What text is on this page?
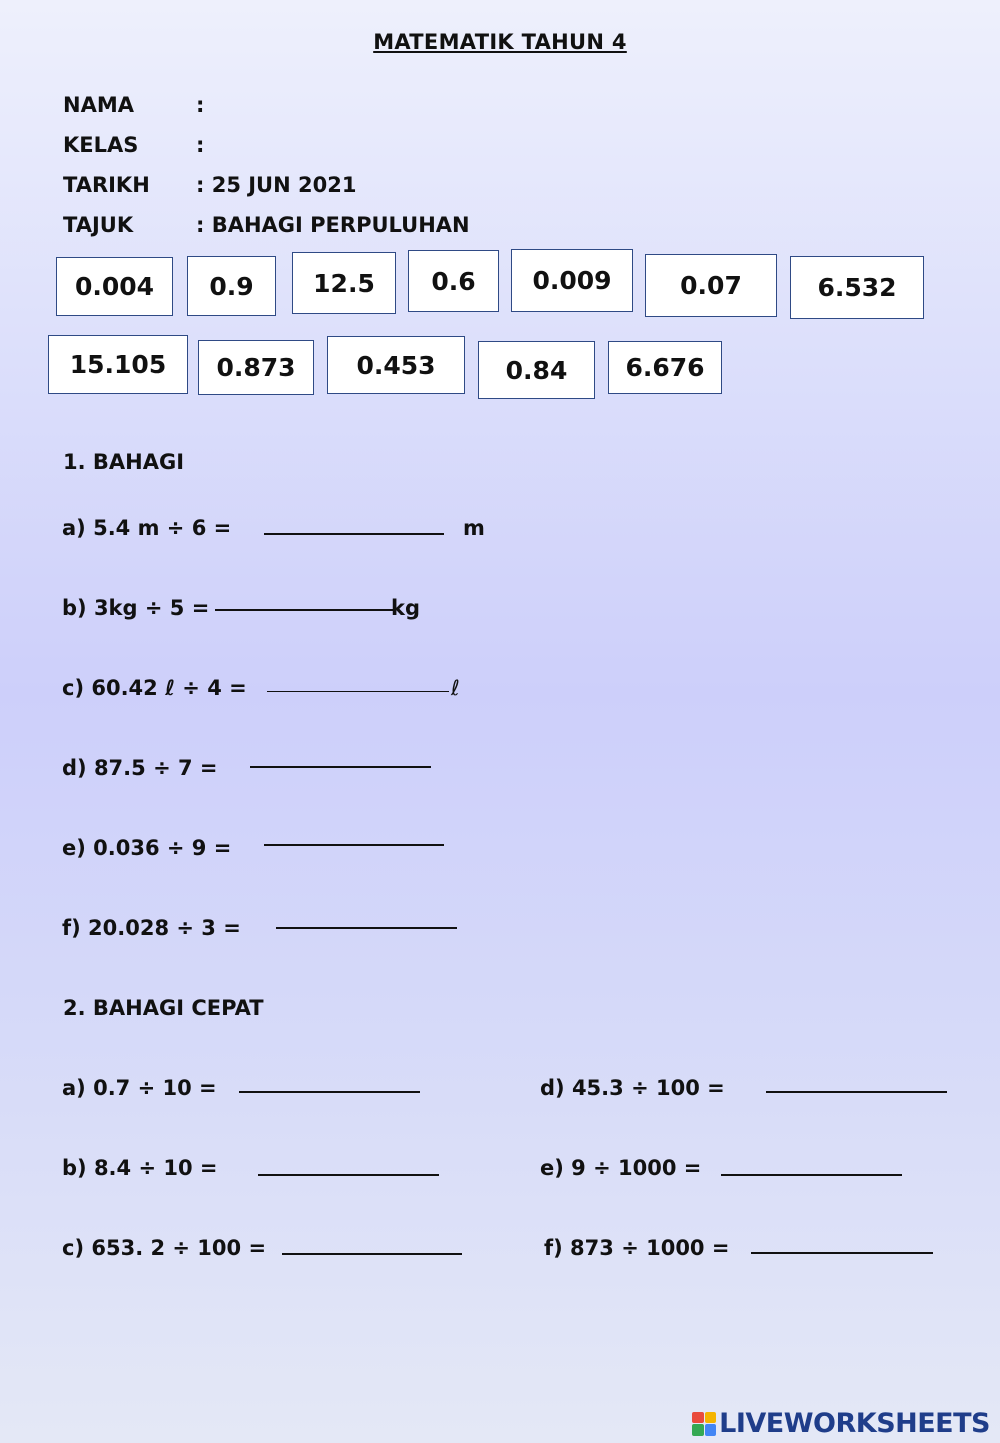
MATEMATIK TAHUN 4
NAMA	:
KELAS	:
TARIKH : 25 JUN 2021
TAJUK	: BAHAGI PERPULUHAN
0.004	0.9	12.5	0.6	0.009	0.07	6.532
15.105	0.873	0.453	0.84	6.676
1. BAHAGI
a) 5.4 m ÷ 6 =	m
b) 3kg ÷ 5 =	kg
c) 60.42 ℓ ÷ 4 =	ℓ
d) 87.5 ÷ 7 =
e) 0.036 ÷ 9 =
f) 20.028 ÷ 3 =
2. BAHAGI CEPAT
a) 0.7 ÷ 10 =
b) 8.4 ÷ 10 =
c) 653. 2 ÷ 100 =
d) 45.3 ÷ 100 =
e) 9 ÷ 1000 =
f) 873 ÷ 1000 =
LIVEWORKSHEETS
